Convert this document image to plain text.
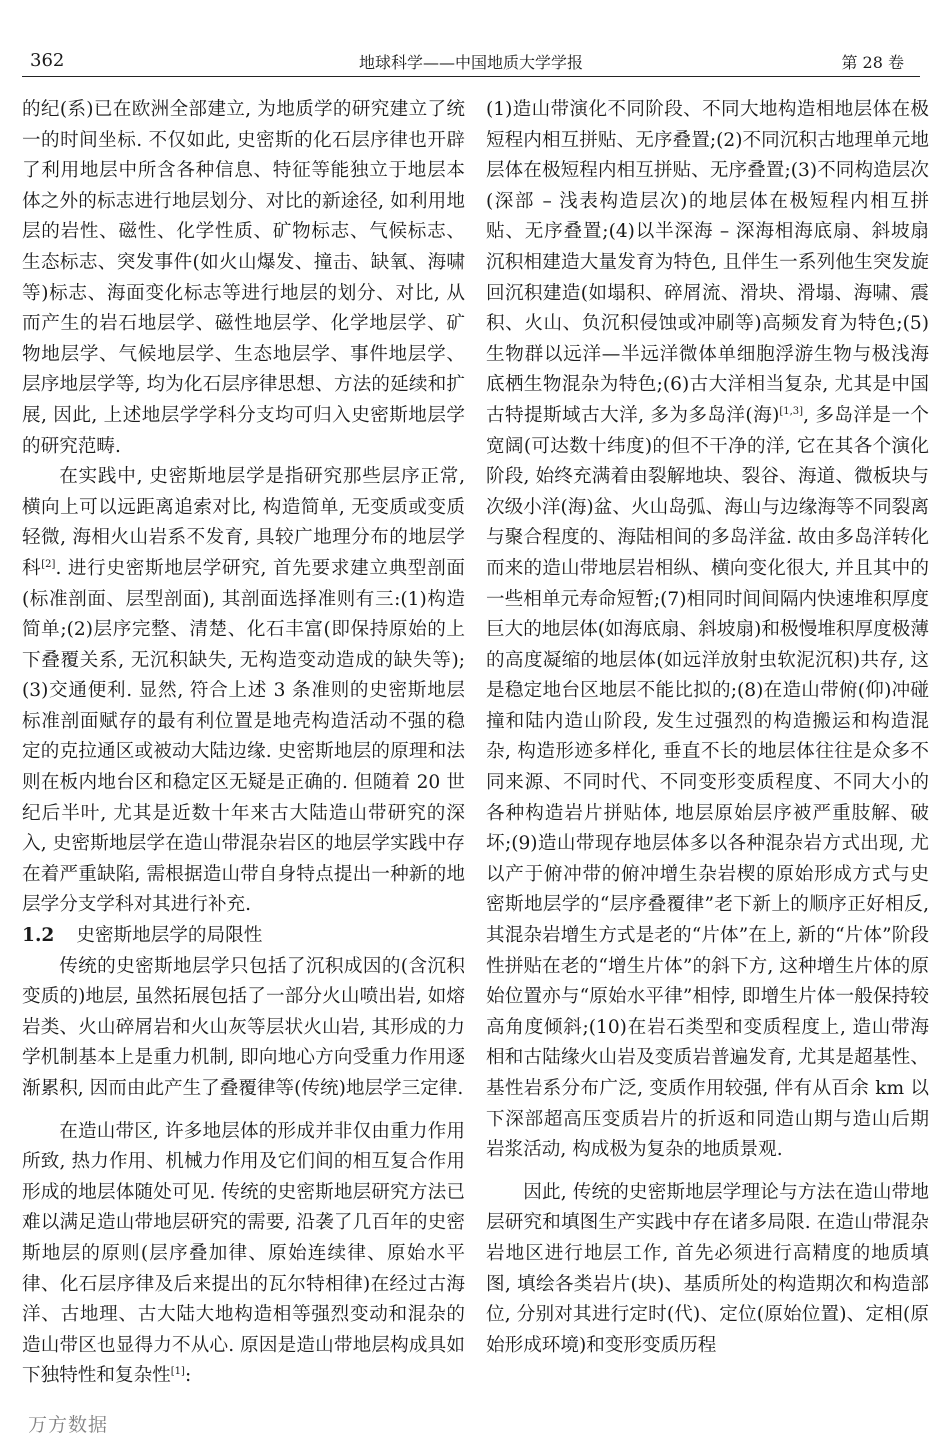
362	地球科学——中国地质大学学报	第 28 卷

的纪(系)已在欧洲全部建立, 为地质学的研究建立了统一的时间坐标. 不仅如此, 史密斯的化石层序律也开辟了利用地层中所含各种信息、特征等能独立于地层本体之外的标志进行地层划分、对比的新途径, 如利用地层的岩性、磁性、化学性质、矿物标志、气候标志、生态标志、突发事件(如火山爆发、撞击、缺氧、海啸等)标志、海面变化标志等进行地层的划分、对比, 从而产生的岩石地层学、磁性地层学、化学地层学、矿物地层学、气候地层学、生态地层学、事件地层学、层序地层学等, 均为化石层序律思想、方法的延续和扩展, 因此, 上述地层学学科分支均可归入史密斯地层学的研究范畴.

在实践中, 史密斯地层学是指研究那些层序正常, 横向上可以远距离追索对比, 构造简单, 无变质或变质轻微, 海相火山岩系不发育, 具较广地理分布的地层学科[2]. 进行史密斯地层学研究, 首先要求建立典型剖面(标准剖面、层型剖面), 其剖面选择准则有三:(1)构造简单;(2)层序完整、清楚、化石丰富(即保持原始的上下叠覆关系, 无沉积缺失, 无构造变动造成的缺失等);(3)交通便利. 显然, 符合上述 3 条准则的史密斯地层标准剖面赋存的最有利位置是地壳构造活动不强的稳定的克拉通区或被动大陆边缘. 史密斯地层的原理和法则在板内地台区和稳定区无疑是正确的. 但随着 20 世纪后半叶, 尤其是近数十年来古大陆造山带研究的深入, 史密斯地层学在造山带混杂岩区的地层学实践中存在着严重缺陷, 需根据造山带自身特点提出一种新的地层学分支学科对其进行补充.

1.2 史密斯地层学的局限性

传统的史密斯地层学只包括了沉积成因的(含沉积变质的)地层, 虽然拓展包括了一部分火山喷出岩, 如熔岩类、火山碎屑岩和火山灰等层状火山岩, 其形成的力学机制基本上是重力机制, 即向地心方向受重力作用逐渐累积, 因而由此产生了叠覆律等(传统)地层学三定律.

在造山带区, 许多地层体的形成并非仅由重力作用所致, 热力作用、机械力作用及它们间的相互复合作用形成的地层体随处可见. 传统的史密斯地层研究方法已难以满足造山带地层研究的需要, 沿袭了几百年的史密斯地层的原则(层序叠加律、原始连续律、原始水平律、化石层序律及后来提出的瓦尔特相律)在经过古海洋、古地理、古大陆大地构造相等强烈变动和混杂的造山带区也显得力不从心. 原因是造山带地层构成具如下独特性和复杂性[1]:

(1)造山带演化不同阶段、不同大地构造相地层体在极短程内相互拼贴、无序叠置;(2)不同沉积古地理单元地层体在极短程内相互拼贴、无序叠置;(3)不同构造层次(深部 – 浅表构造层次)的地层体在极短程内相互拼贴、无序叠置;(4)以半深海 – 深海相海底扇、斜坡扇沉积相建造大量发育为特色, 且伴生一系列他生突发旋回沉积建造(如塌积、碎屑流、滑块、滑塌、海啸、震积、火山、负沉积侵蚀或冲刷等)高频发育为特色;(5)生物群以远洋—半远洋微体单细胞浮游生物与极浅海底栖生物混杂为特色;(6)古大洋相当复杂, 尤其是中国古特提斯域古大洋, 多为多岛洋(海)[1,3], 多岛洋是一个宽阔(可达数十纬度)的但不干净的洋, 它在其各个演化阶段, 始终充满着由裂解地块、裂谷、海道、微板块与次级小洋(海)盆、火山岛弧、海山与边缘海等不同裂离与聚合程度的、海陆相间的多岛洋盆. 故由多岛洋转化而来的造山带地层岩相纵、横向变化很大, 并且其中的一些相单元寿命短暂;(7)相同时间间隔内快速堆积厚度巨大的地层体(如海底扇、斜坡扇)和极慢堆积厚度极薄的高度凝缩的地层体(如远洋放射虫软泥沉积)共存, 这是稳定地台区地层不能比拟的;(8)在造山带俯(仰)冲碰撞和陆内造山阶段, 发生过强烈的构造搬运和构造混杂, 构造形迹多样化, 垂直不长的地层体往往是众多不同来源、不同时代、不同变形变质程度、不同大小的各种构造岩片拼贴体, 地层原始层序被严重肢解、破坏;(9)造山带现存地层体多以各种混杂岩方式出现, 尤以产于俯冲带的俯冲增生杂岩楔的原始形成方式与史密斯地层学的“层序叠覆律”老下新上的顺序正好相反, 其混杂岩增生方式是老的“片体”在上, 新的“片体”阶段性拼贴在老的“增生片体”的斜下方, 这种增生片体的原始位置亦与“原始水平律”相悖, 即增生片体一般保持较高角度倾斜;(10)在岩石类型和变质程度上, 造山带海相和古陆缘火山岩及变质岩普遍发育, 尤其是超基性、基性岩系分布广泛, 变质作用较强, 伴有从百余 km 以下深部超高压变质岩片的折返和同造山期与造山后期岩浆活动, 构成极为复杂的地质景观.

因此, 传统的史密斯地层学理论与方法在造山带地层研究和填图生产实践中存在诸多局限. 在造山带混杂岩地区进行地层工作, 首先必须进行高精度的地质填图, 填绘各类岩片(块)、基质所处的构造期次和构造部位, 分别对其进行定时(代)、定位(原始位置)、定相(原始形成环境)和变形变质历程

万方数据
